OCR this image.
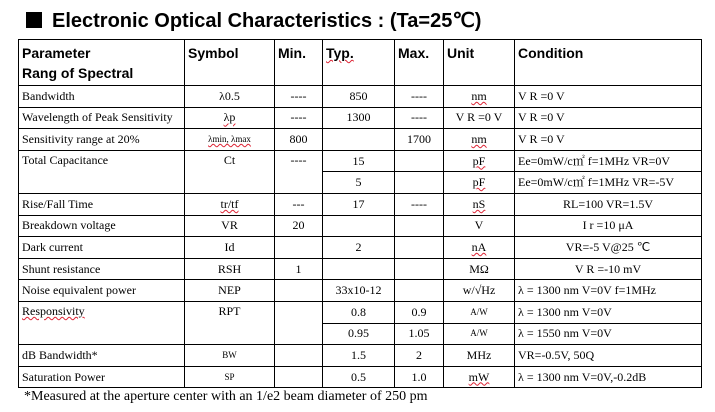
Electronic Optical Characteristics : (Ta=25℃)
Parameter
Rang of Spectral	Symbol	Min.	Typ.	Max.	Unit	Condition
Bandwidth	λ0.5	----	850	----	nm	V R =0 V
Wavelength of Peak Sensitivity	λp	----	1300	----	V R =0 V	V R =0 V
Sensitivity range at 20%	λmin, λmax	800		1700	nm	V R =0 V
Total Capacitance	Ct	----	15		pF	Ee=0mW/c㎡ f=1MHz VR=0V
			5		pF	Ee=0mW/c㎡ f=1MHz VR=-5V
Rise/Fall Time	tr/tf	---	17	----	nS	RL=100 VR=1.5V
Breakdown voltage	VR	20			V	I r =10 μA
Dark current	Id		2		nA	VR=-5 V@25 ℃
Shunt resistance	RSH	1			MΩ	V R =-10 mV
Noise equivalent power	NEP		33x10-12		w/√Hz	λ = 1300 nm V=0V f=1MHz
Responsivity	RPT		0.8	0.9	A/W	λ = 1300 nm V=0V
			0.95	1.05	A/W	λ = 1550 nm V=0V
dB Bandwidth*	BW		1.5	2	MHz	VR=-0.5V, 50Q
Saturation Power	SP		0.5	1.0	mW	λ = 1300 nm V=0V,-0.2dB
*Measured at the aperture center with an 1/e2 beam diameter of 250 pm
